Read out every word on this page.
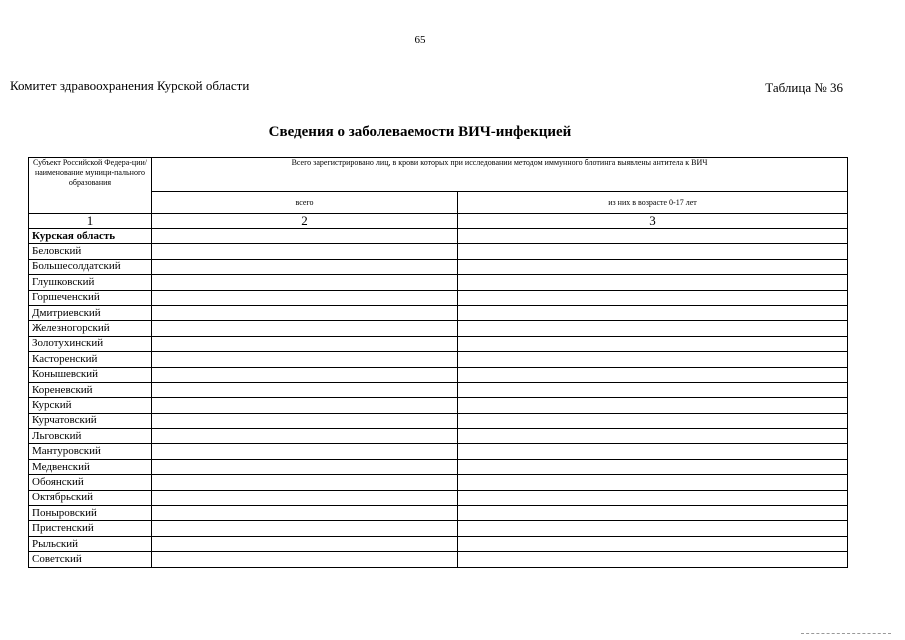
65
Комитет здравоохранения Курской области	Таблица № 36
Сведения о заболеваемости ВИЧ-инфекцией
Субъект Российской Федера-ции/ наименование муници-пального образования	Всего зарегистрировано лиц, в крови которых при исследовании методом иммунного блотинга выявлены антитела к ВИЧ	
	всего	из них в возрасте 0-17 лет
1	2	3
Курская область		
Беловский		
Большесолдатский		
Глушковский		
Горшеченский		
Дмитриевский		
Железногорский		
Золотухинский		
Касторенский		
Конышевский		
Кореневский		
Курский		
Курчатовский		
Льговский		
Мантуровский		
Медвенский		
Обоянский		
Октябрьский		
Поныровский		
Пристенский		
Рыльский		
Советский		
